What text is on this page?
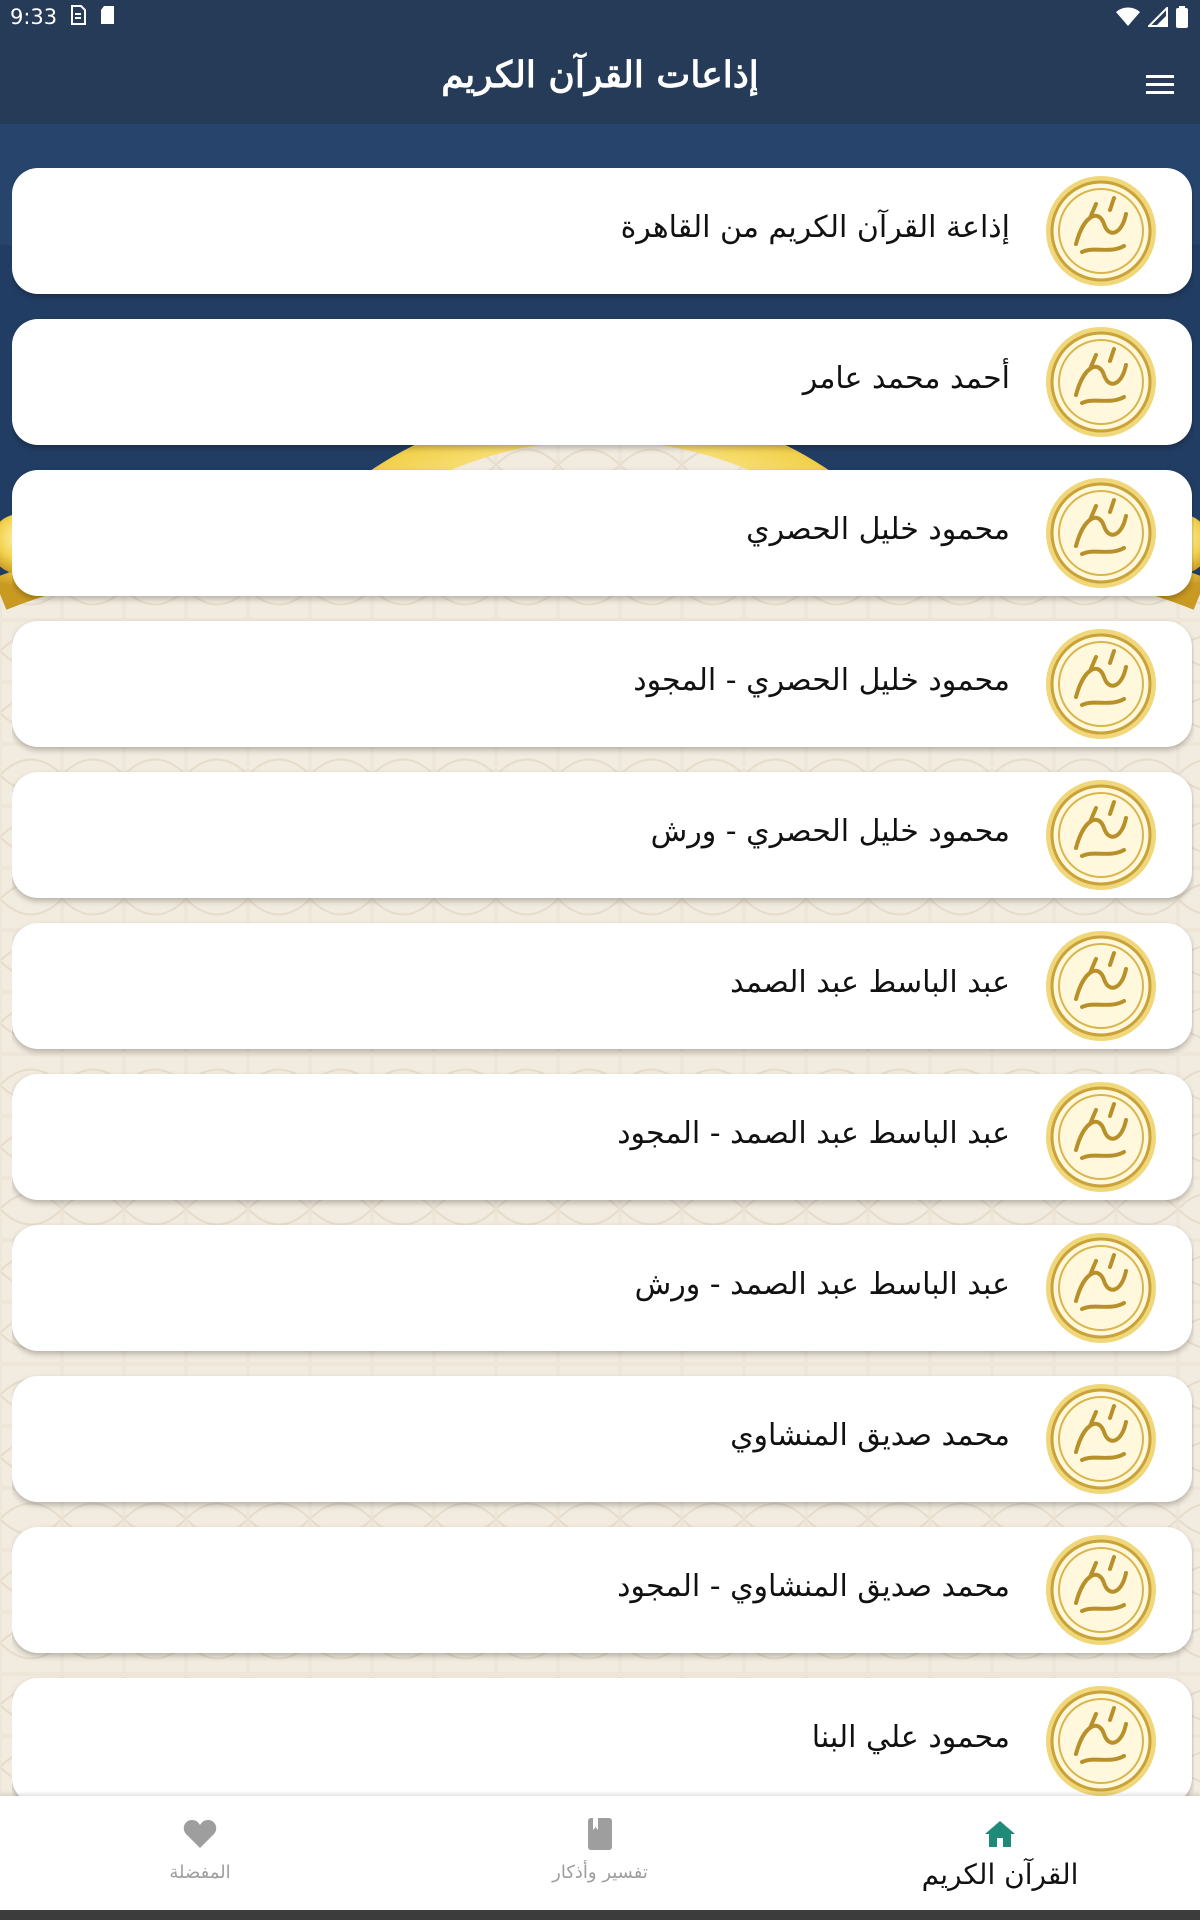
9:33
إذاعات القرآن الكريم
إذاعة القرآن الكريم من القاهرة
أحمد محمد عامر
محمود خليل الحصري
محمود خليل الحصري - المجود
محمود خليل الحصري - ورش
عبد الباسط عبد الصمد
عبد الباسط عبد الصمد - المجود
عبد الباسط عبد الصمد - ورش
محمد صديق المنشاوي
محمد صديق المنشاوي - المجود
محمود علي البنا
المفضلة	تفسير وأذكار	القرآن الكريم
